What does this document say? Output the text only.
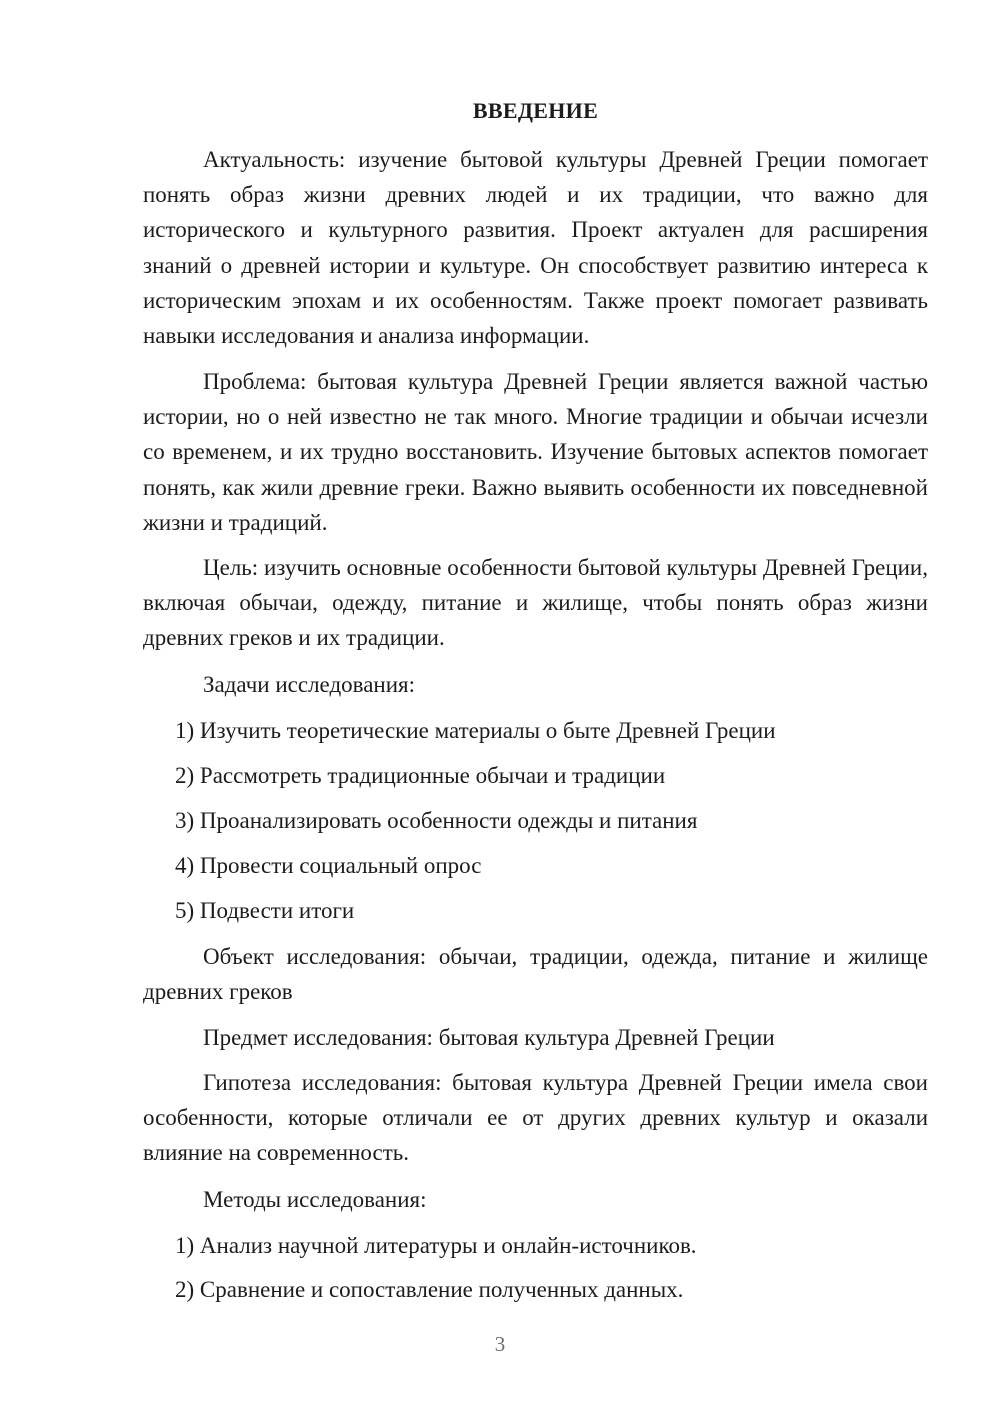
ВВЕДЕНИЕ

Актуальность: изучение бытовой культуры Древней Греции помогает понять образ жизни древних людей и их традиции, что важно для исторического и культурного развития. Проект актуален для расширения знаний о древней истории и культуре. Он способствует развитию интереса к историческим эпохам и их особенностям. Также проект помогает развивать навыки исследования и анализа информации.

Проблема: бытовая культура Древней Греции является важной частью истории, но о ней известно не так много. Многие традиции и обычаи исчезли со временем, и их трудно восстановить. Изучение бытовых аспектов помогает понять, как жили древние греки. Важно выявить особенности их повседневной жизни и традиций.

Цель: изучить основные особенности бытовой культуры Древней Греции, включая обычаи, одежду, питание и жилище, чтобы понять образ жизни древних греков и их традиции.

Задачи исследования:

1) Изучить теоретические материалы о быте Древней Греции

2) Рассмотреть традиционные обычаи и традиции

3) Проанализировать особенности одежды и питания

4) Провести социальный опрос

5) Подвести итоги

Объект исследования: обычаи, традиции, одежда, питание и жилище древних греков

Предмет исследования: бытовая культура Древней Греции

Гипотеза исследования: бытовая культура Древней Греции имела свои особенности, которые отличали ее от других древних культур и оказали влияние на современность.

Методы исследования:

1) Анализ научной литературы и онлайн-источников.

2) Сравнение и сопоставление полученных данных.

3
